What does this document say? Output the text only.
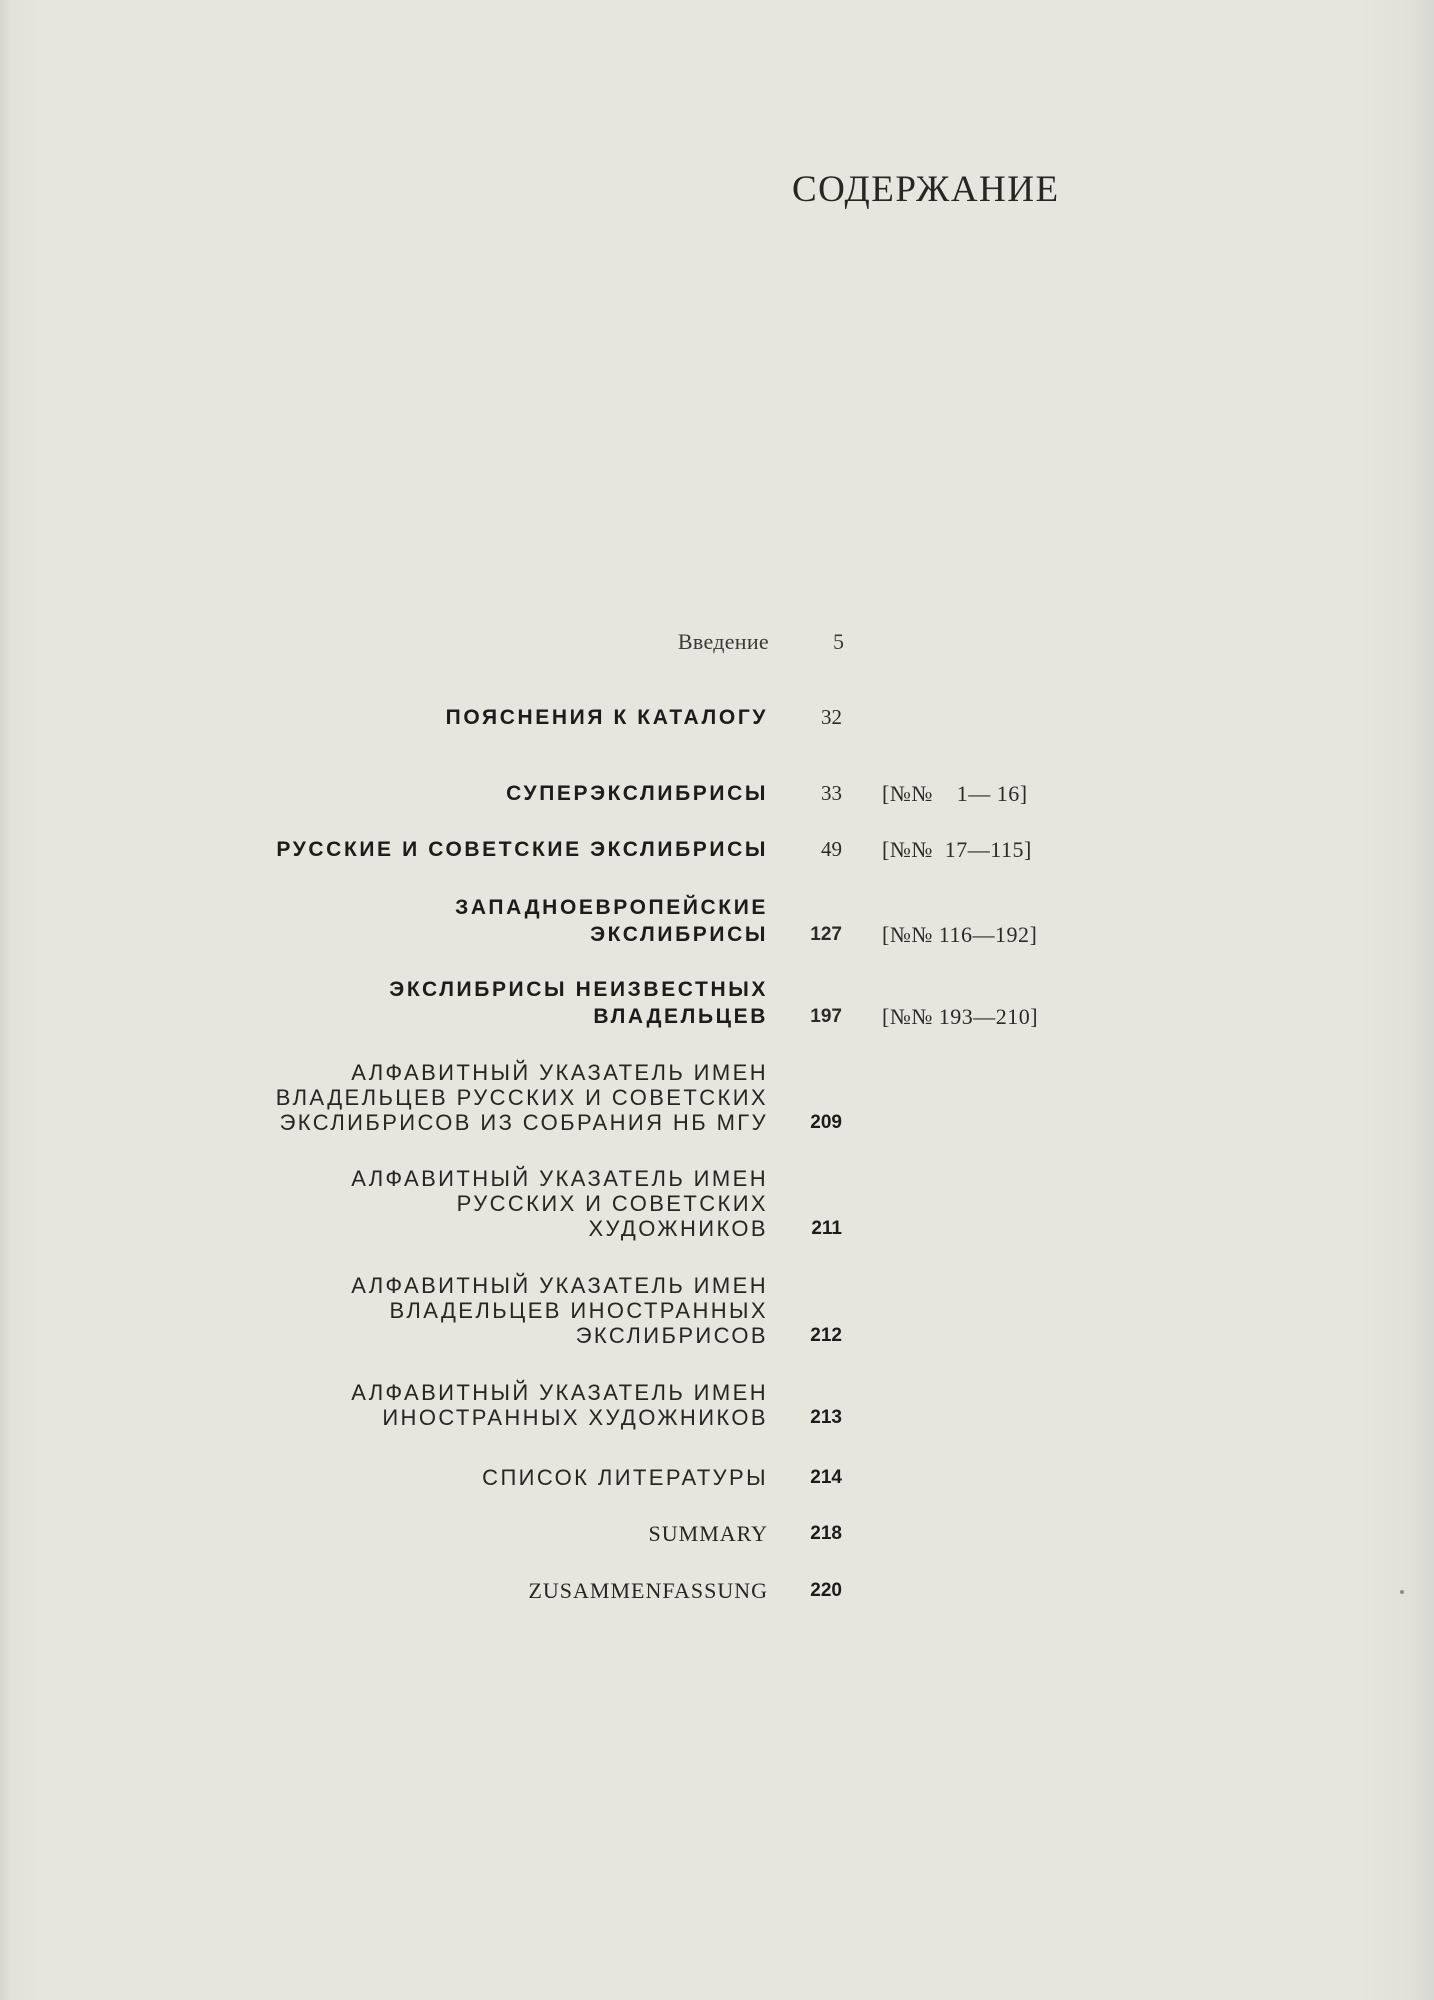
СОДЕРЖАНИЕ
Введение	5
ПОЯСНЕНИЯ К КАТАЛОГУ	32
СУПЕРЭКСЛИБРИСЫ	33 [№№    1— 16]
РУССКИЕ И СОВЕТСКИЕ ЭКСЛИБРИСЫ	49 [№№  17—115]
ЗАПАДНОЕВРОПЕЙСКИЕ
ЭКСЛИБРИСЫ 127 [№№ 116—192]
ЭКСЛИБРИСЫ НЕИЗВЕСТНЫХ
ВЛАДЕЛЬЦЕВ 197 [№№ 193—210]
АЛФАВИТНЫЙ УКАЗАТЕЛЬ ИМЕН
ВЛАДЕЛЬЦЕВ РУССКИХ И СОВЕТСКИХ
ЭКСЛИБРИСОВ ИЗ СОБРАНИЯ НБ МГУ 209
АЛФАВИТНЫЙ УКАЗАТЕЛЬ ИМЕН
РУССКИХ И СОВЕТСКИХ
ХУДОЖНИКОВ 211
АЛФАВИТНЫЙ УКАЗАТЕЛЬ ИМЕН
ВЛАДЕЛЬЦЕВ ИНОСТРАННЫХ
ЭКСЛИБРИСОВ 212
АЛФАВИТНЫЙ УКАЗАТЕЛЬ ИМЕН
ИНОСТРАННЫХ ХУДОЖНИКОВ 213
СПИСОК ЛИТЕРАТУРЫ 214
SUMMARY 218
ZUSAMMENFASSUNG 220
